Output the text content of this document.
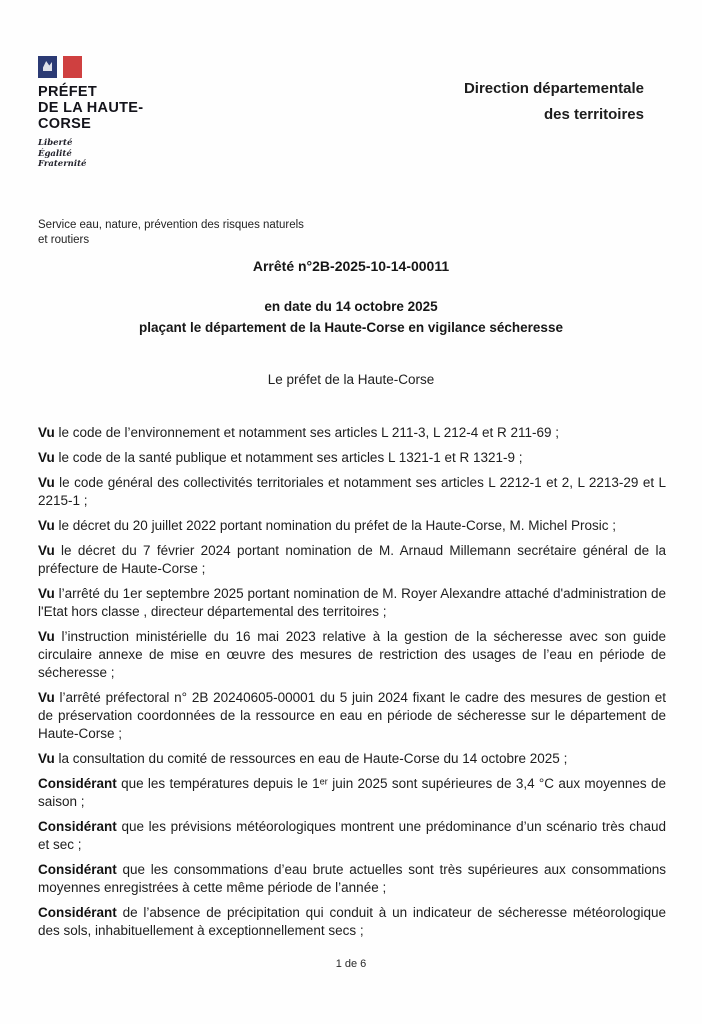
PRÉFET
DE LA HAUTE-
CORSE
Liberté
Égalité
Fraternité
Direction départementale
des territoires
Service eau, nature, prévention des risques naturels
et routiers
Arrêté n°2B-2025-10-14-00011
en date du 14 octobre 2025
plaçant le département de la Haute-Corse en vigilance sécheresse
Le préfet de la Haute-Corse

Vu le code de l’environnement et notamment ses articles L 211-3, L 212-4 et R 211-69 ;

Vu le code de la santé publique et notamment ses articles L 1321-1 et R 1321-9 ;

Vu le code général des collectivités territoriales et notamment ses articles L 2212-1 et 2, L 2213-29 et L 2215-1 ;

Vu le décret du 20 juillet 2022 portant nomination du préfet de la Haute-Corse, M. Michel Prosic ;

Vu le décret du 7 février 2024 portant nomination de M. Arnaud Millemann secrétaire général de la préfecture de Haute-Corse ;

Vu l’arrêté du 1er septembre 2025 portant nomination de M. Royer Alexandre attaché d'administration de l'Etat hors classe , directeur départemental des territoires ;

Vu l’instruction ministérielle du 16 mai 2023 relative à la gestion de la sécheresse avec son guide circulaire annexe de mise en œuvre des mesures de restriction des usages de l’eau en période de sécheresse ;

Vu l’arrêté préfectoral n° 2B 20240605-00001 du 5 juin 2024 fixant le cadre des mesures de gestion et de préservation coordonnées de la ressource en eau en période de sécheresse sur le département de Haute-Corse ;

Vu la consultation du comité de ressources en eau de Haute-Corse du 14 octobre 2025 ;

Considérant que les températures depuis le 1ᵉʳ juin 2025 sont supérieures de 3,4 °C aux moyennes de saison ;

Considérant que les prévisions météorologiques montrent une prédominance d’un scénario très chaud et sec ;

Considérant que les consommations d’eau brute actuelles sont très supérieures aux consommations moyennes enregistrées à cette même période de l’année ;

Considérant de l’absence de précipitation qui conduit à un indicateur de sécheresse météorologique des sols, inhabituellement à exceptionnellement secs ;

1 de 6
